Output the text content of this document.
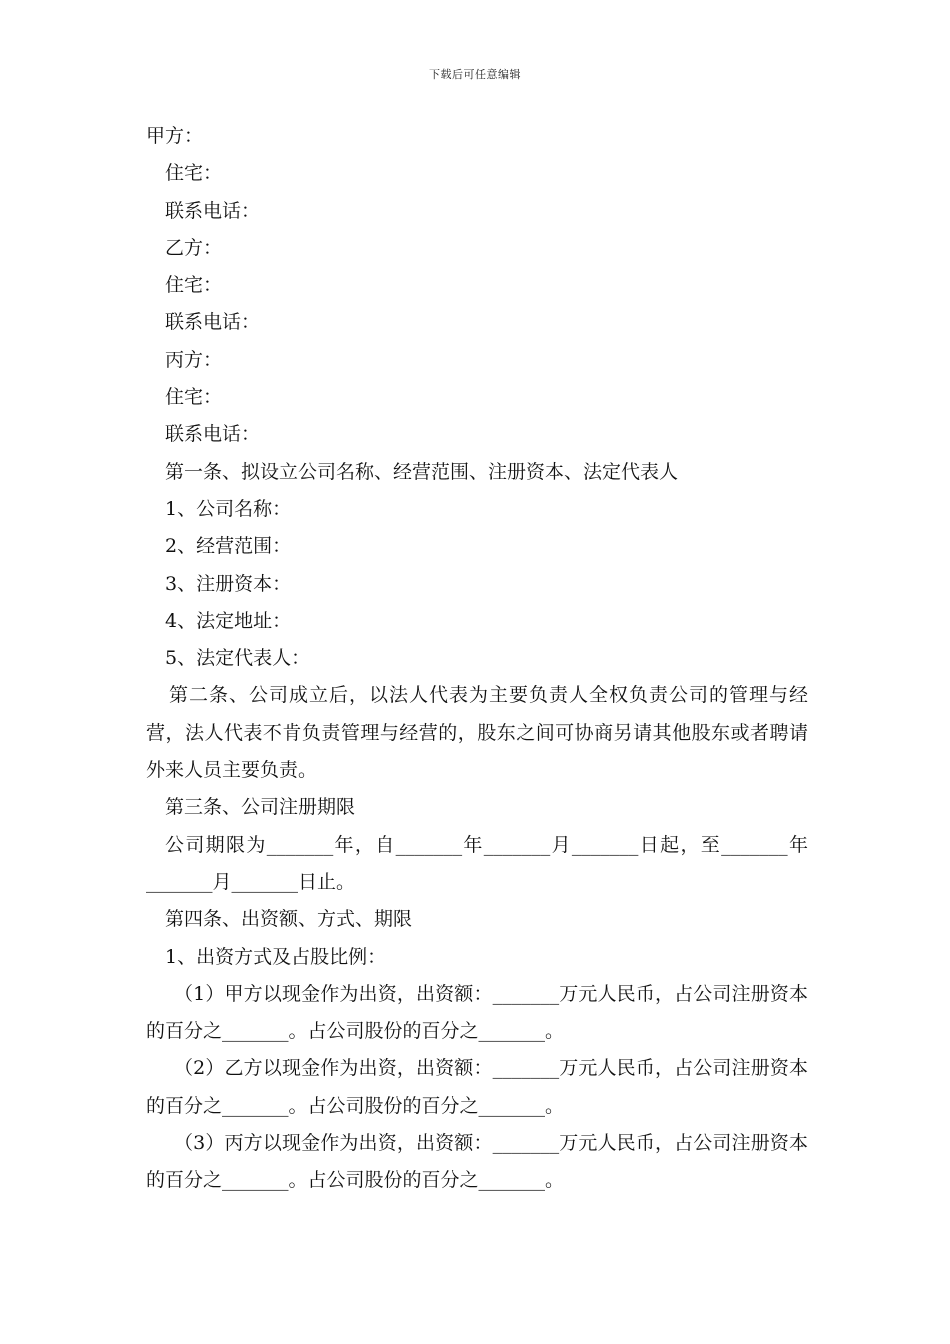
下载后可任意编辑
甲方：
住宅：
联系电话：
乙方：
住宅：
联系电话：
丙方：
住宅：
联系电话：
第一条、拟设立公司名称、经营范围、注册资本、法定代表人
1、公司名称：
2、经营范围：
3、注册资本：
4、法定地址：
5、法定代表人：
第二条、公司成立后，以法人代表为主要负责人全权负责公司的管理与经营，法人代表不肯负责管理与经营的，股东之间可协商另请其他股东或者聘请外来人员主要负责。
第三条、公司注册期限
公司期限为_______年，自_______年_______月_______日起，至_______年_______月_______日止。
第四条、出资额、方式、期限
1、出资方式及占股比例：
（1）甲方以现金作为出资，出资额：_______万元人民币，占公司注册资本的百分之_______。占公司股份的百分之_______。
（2）乙方以现金作为出资，出资额：_______万元人民币，占公司注册资本的百分之_______。占公司股份的百分之_______。
（3）丙方以现金作为出资，出资额：_______万元人民币，占公司注册资本的百分之_______。占公司股份的百分之_______。
